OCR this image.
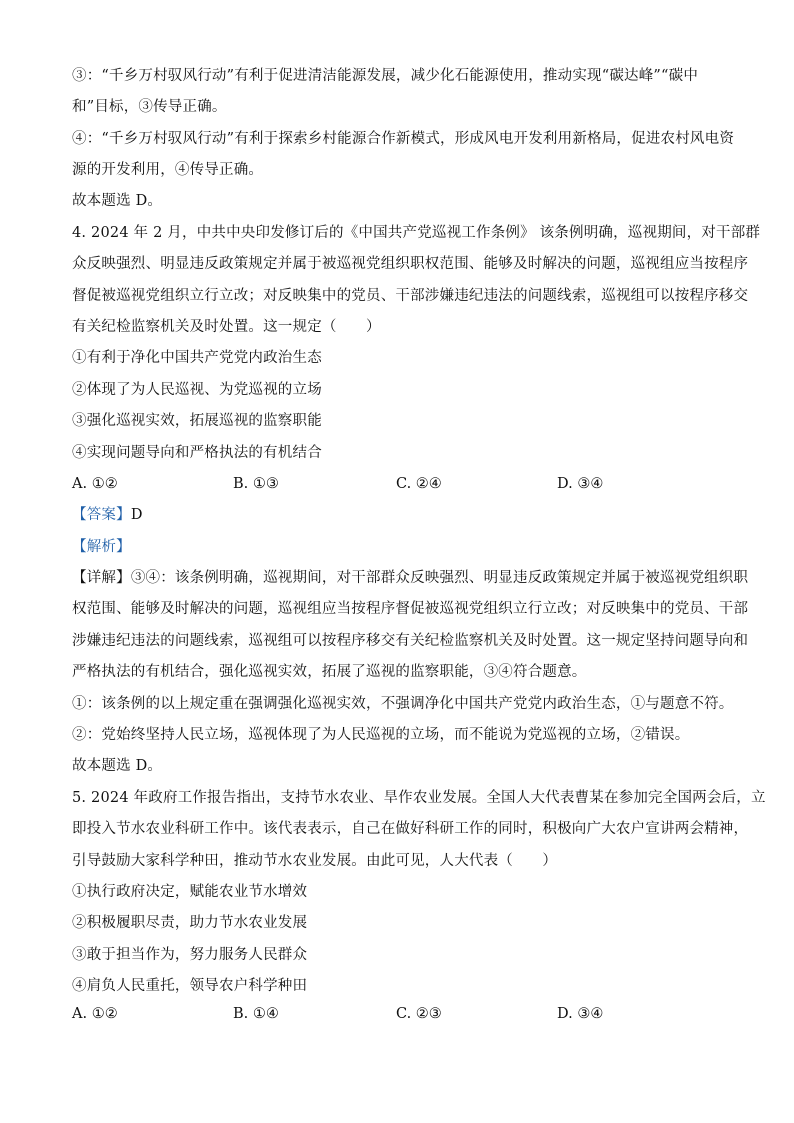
③：“千乡万村驭风行动”有利于促进清洁能源发展，减少化石能源使用，推动实现“碳达峰”“碳中
和”目标，③传导正确。
④：“千乡万村驭风行动”有利于探索乡村能源合作新模式，形成风电开发利用新格局，促进农村风电资
源的开发利用，④传导正确。
故本题选 D。
4. 2024 年 2 月，中共中央印发修订后的《中国共产党巡视工作条例》 该条例明确，巡视期间，对干部群
众反映强烈、明显违反政策规定并属于被巡视党组织职权范围、能够及时解决的问题，巡视组应当按程序
督促被巡视党组织立行立改；对反映集中的党员、干部涉嫌违纪违法的问题线索，巡视组可以按程序移交
有关纪检监察机关及时处置。这一规定（　　）
①有利于净化中国共产党党内政治生态
②体现了为人民巡视、为党巡视的立场
③强化巡视实效，拓展巡视的监察职能
④实现问题导向和严格执法的有机结合
A. ①②	B. ①③	C. ②④	D. ③④
【答案】D
【解析】
【详解】③④：该条例明确，巡视期间，对干部群众反映强烈、明显违反政策规定并属于被巡视党组织职
权范围、能够及时解决的问题，巡视组应当按程序督促被巡视党组织立行立改；对反映集中的党员、干部
涉嫌违纪违法的问题线索，巡视组可以按程序移交有关纪检监察机关及时处置。这一规定坚持问题导向和
严格执法的有机结合，强化巡视实效，拓展了巡视的监察职能，③④符合题意。
①：该条例的以上规定重在强调强化巡视实效，不强调净化中国共产党党内政治生态，①与题意不符。
②：党始终坚持人民立场，巡视体现了为人民巡视的立场，而不能说为党巡视的立场，②错误。
故本题选 D。
5. 2024 年政府工作报告指出，支持节水农业、旱作农业发展。全国人大代表曹某在参加完全国两会后，立
即投入节水农业科研工作中。该代表表示，自己在做好科研工作的同时，积极向广大农户宣讲两会精神，
引导鼓励大家科学种田，推动节水农业发展。由此可见，人大代表（　　）
①执行政府决定，赋能农业节水增效
②积极履职尽责，助力节水农业发展
③敢于担当作为，努力服务人民群众
④肩负人民重托，领导农户科学种田
A. ①②	B. ①④	C. ②③	D. ③④
